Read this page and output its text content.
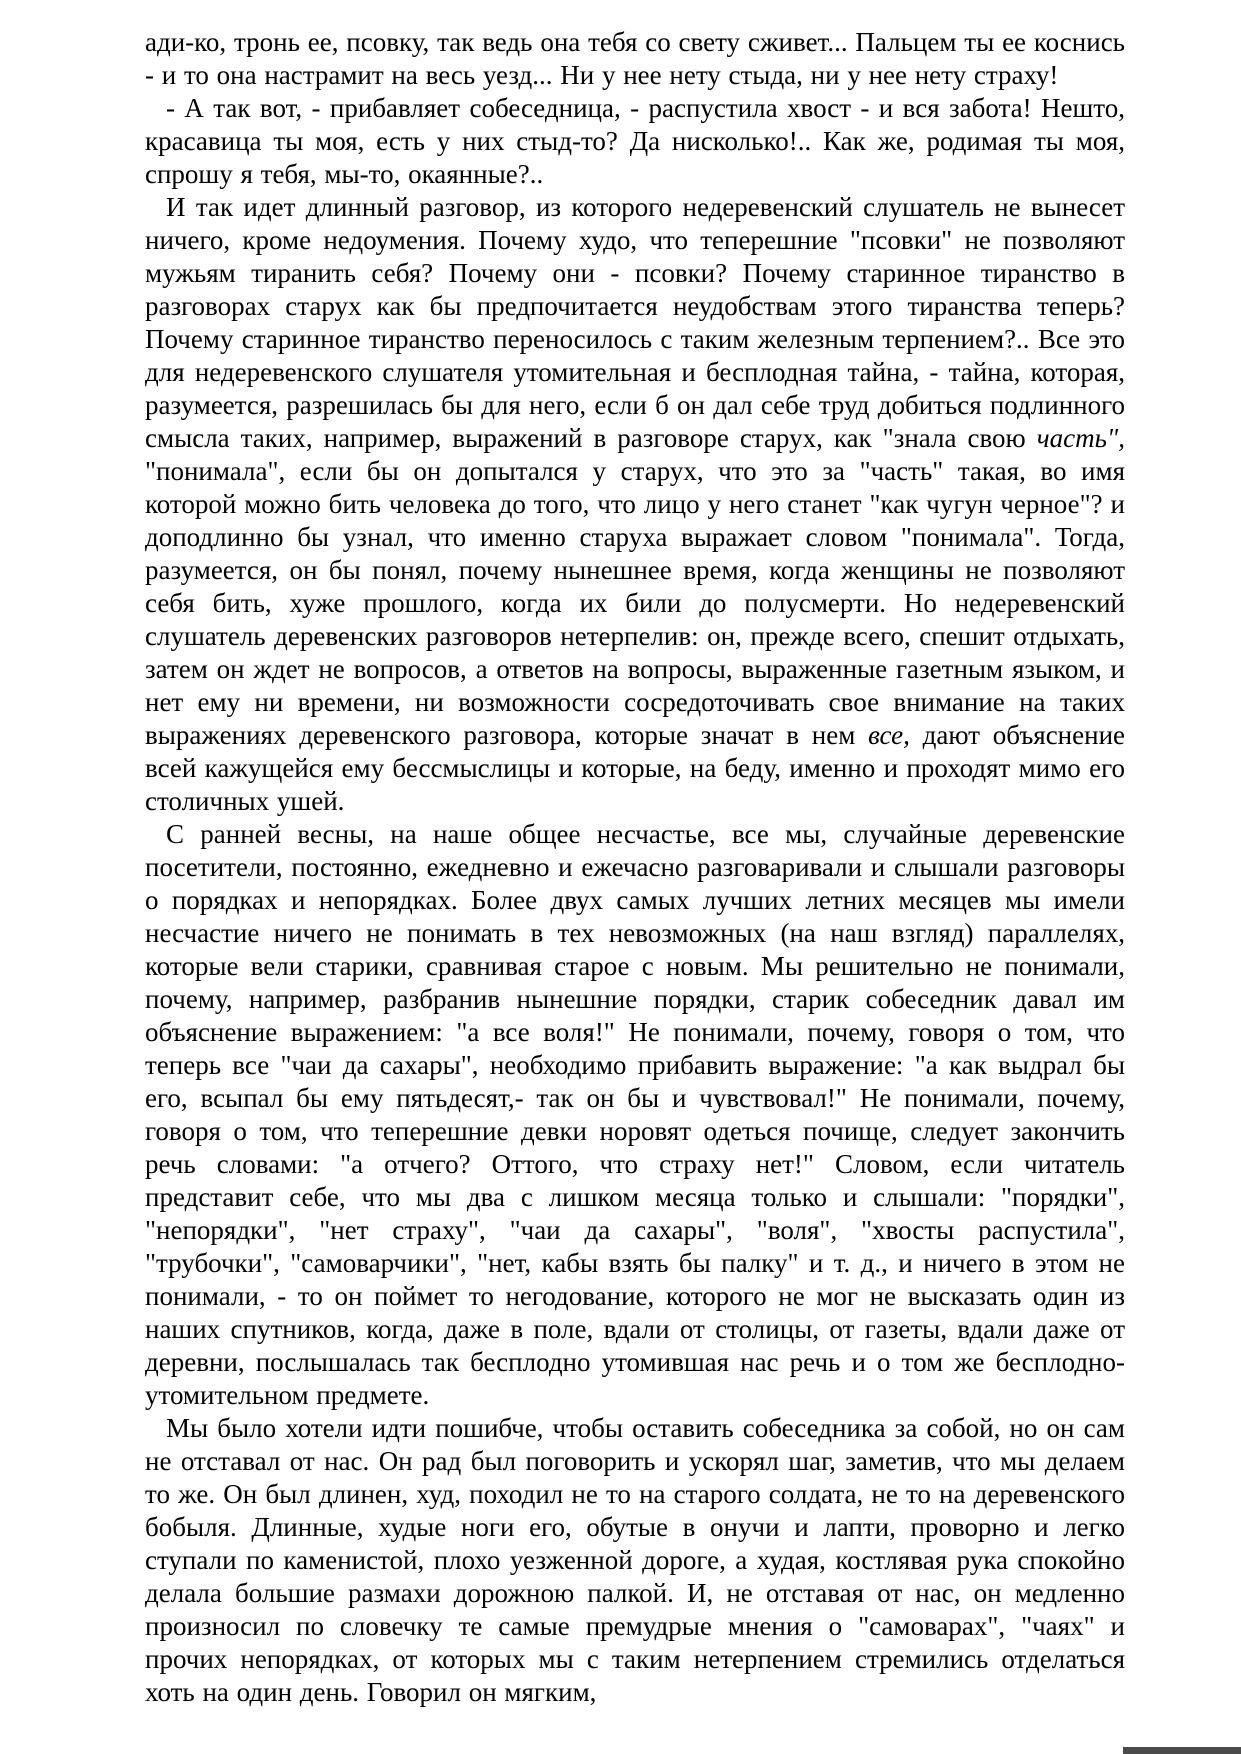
ади-ко, тронь ее, псовку, так ведь она тебя со свету сживет... Пальцем ты ее коснись - и то она настрамит на весь уезд... Ни у нее нету стыда, ни у нее нету страху!

- А так вот, - прибавляет собеседница, - распустила хвост - и вся забота! Нешто, красавица ты моя, есть у них стыд-то? Да нисколько!.. Как же, родимая ты моя, спрошу я тебя, мы-то, окаянные?..

И так идет длинный разговор, из которого недеревенский слушатель не вынесет ничего, кроме недоумения. Почему худо, что теперешние "псовки" не позволяют мужьям тиранить себя? Почему они - псовки? Почему старинное тиранство в разговорах старух как бы предпочитается неудобствам этого тиранства теперь? Почему старинное тиранство переносилось с таким железным терпением?.. Все это для недеревенского слушателя утомительная и бесплодная тайна, - тайна, которая, разумеется, разрешилась бы для него, если б он дал себе труд добиться подлинного смысла таких, например, выражений в разговоре старух, как "знала свою часть", "понимала", если бы он допытался у старух, что это за "часть" такая, во имя которой можно бить человека до того, что лицо у него станет "как чугун черное"? и доподлинно бы узнал, что именно старуха выражает словом "понимала". Тогда, разумеется, он бы понял, почему нынешнее время, когда женщины не позволяют себя бить, хуже прошлого, когда их били до полусмерти. Но недеревенский слушатель деревенских разговоров нетерпелив: он, прежде всего, спешит отдыхать, затем он ждет не вопросов, а ответов на вопросы, выраженные газетным языком, и нет ему ни времени, ни возможности сосредоточивать свое внимание на таких выражениях деревенского разговора, которые значат в нем все, дают объяснение всей кажущейся ему бессмыслицы и которые, на беду, именно и проходят мимо его столичных ушей.

С ранней весны, на наше общее несчастье, все мы, случайные деревенские посетители, постоянно, ежедневно и ежечасно разговаривали и слышали разговоры о порядках и непорядках. Более двух самых лучших летних месяцев мы имели несчастие ничего не понимать в тех невозможных (на наш взгляд) параллелях, которые вели старики, сравнивая старое с новым. Мы решительно не понимали, почему, например, разбранив нынешние порядки, старик собеседник давал им объяснение выражением: "а все воля!" Не понимали, почему, говоря о том, что теперь все "чаи да сахары", необходимо прибавить выражение: "а как выдрал бы его, всыпал бы ему пятьдесят,- так он бы и чувствовал!" Не понимали, почему, говоря о том, что теперешние девки норовят одеться почище, следует закончить речь словами: "а отчего? Оттого, что страху нет!" Словом, если читатель представит себе, что мы два с лишком месяца только и слышали: "порядки", "непорядки", "нет страху", "чаи да сахары", "воля", "хвосты распустила", "трубочки", "самоварчики", "нет, кабы взять бы палку" и т. д., и ничего в этом не понимали, - то он поймет то негодование, которого не мог не высказать один из наших спутников, когда, даже в поле, вдали от столицы, от газеты, вдали даже от деревни, послышалась так бесплодно утомившая нас речь и о том же бесплодно-утомительном предмете.

Мы было хотели идти пошибче, чтобы оставить собеседника за собой, но он сам не отставал от нас. Он рад был поговорить и ускорял шаг, заметив, что мы делаем то же. Он был длинен, худ, походил не то на старого солдата, не то на деревенского бобыля. Длинные, худые ноги его, обутые в онучи и лапти, проворно и легко ступали по каменистой, плохо уезженной дороге, а худая, костлявая рука спокойно делала большие размахи дорожною палкой. И, не отставая от нас, он медленно произносил по словечку те самые премудрые мнения о "самоварах", "чаях" и прочих непорядках, от которых мы с таким нетерпением стремились отделаться хоть на один день. Говорил он мягким,
